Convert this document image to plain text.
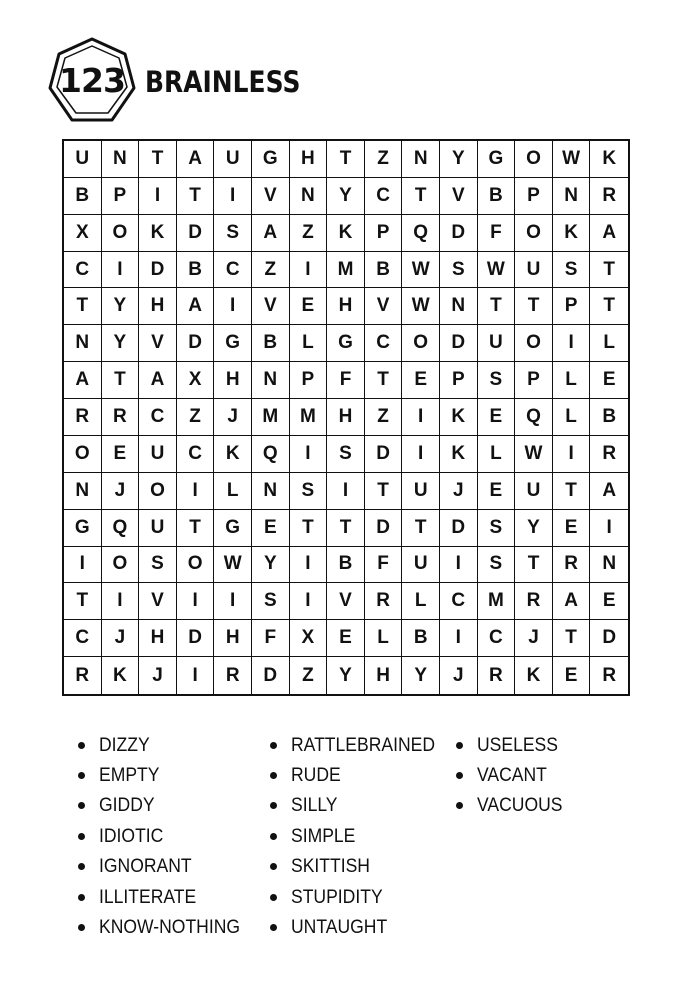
123 BRAINLESS
U	N	T	A	U	G	H	T	Z	N	Y	G	O	W	K
B	P	I	T	I	V	N	Y	C	T	V	B	P	N	R
X	O	K	D	S	A	Z	K	P	Q	D	F	O	K	A
C	I	D	B	C	Z	I	M	B	W	S	W	U	S	T
T	Y	H	A	I	V	E	H	V	W	N	T	T	P	T
N	Y	V	D	G	B	L	G	C	O	D	U	O	I	L
A	T	A	X	H	N	P	F	T	E	P	S	P	L	E
R	R	C	Z	J	M	M	H	Z	I	K	E	Q	L	B
O	E	U	C	K	Q	I	S	D	I	K	L	W	I	R
N	J	O	I	L	N	S	I	T	U	J	E	U	T	A
G	Q	U	T	G	E	T	T	D	T	D	S	Y	E	I
I	O	S	O	W	Y	I	B	F	U	I	S	T	R	N
T	I	V	I	I	S	I	V	R	L	C	M	R	A	E
C	J	H	D	H	F	X	E	L	B	I	C	J	T	D
R	K	J	I	R	D	Z	Y	H	Y	J	R	K	E	R
DIZZY
EMPTY
GIDDY
IDIOTIC
IGNORANT
ILLITERATE
KNOW-NOTHING
RATTLEBRAINED
RUDE
SILLY
SIMPLE
SKITTISH
STUPIDITY
UNTAUGHT
USELESS
VACANT
VACUOUS
